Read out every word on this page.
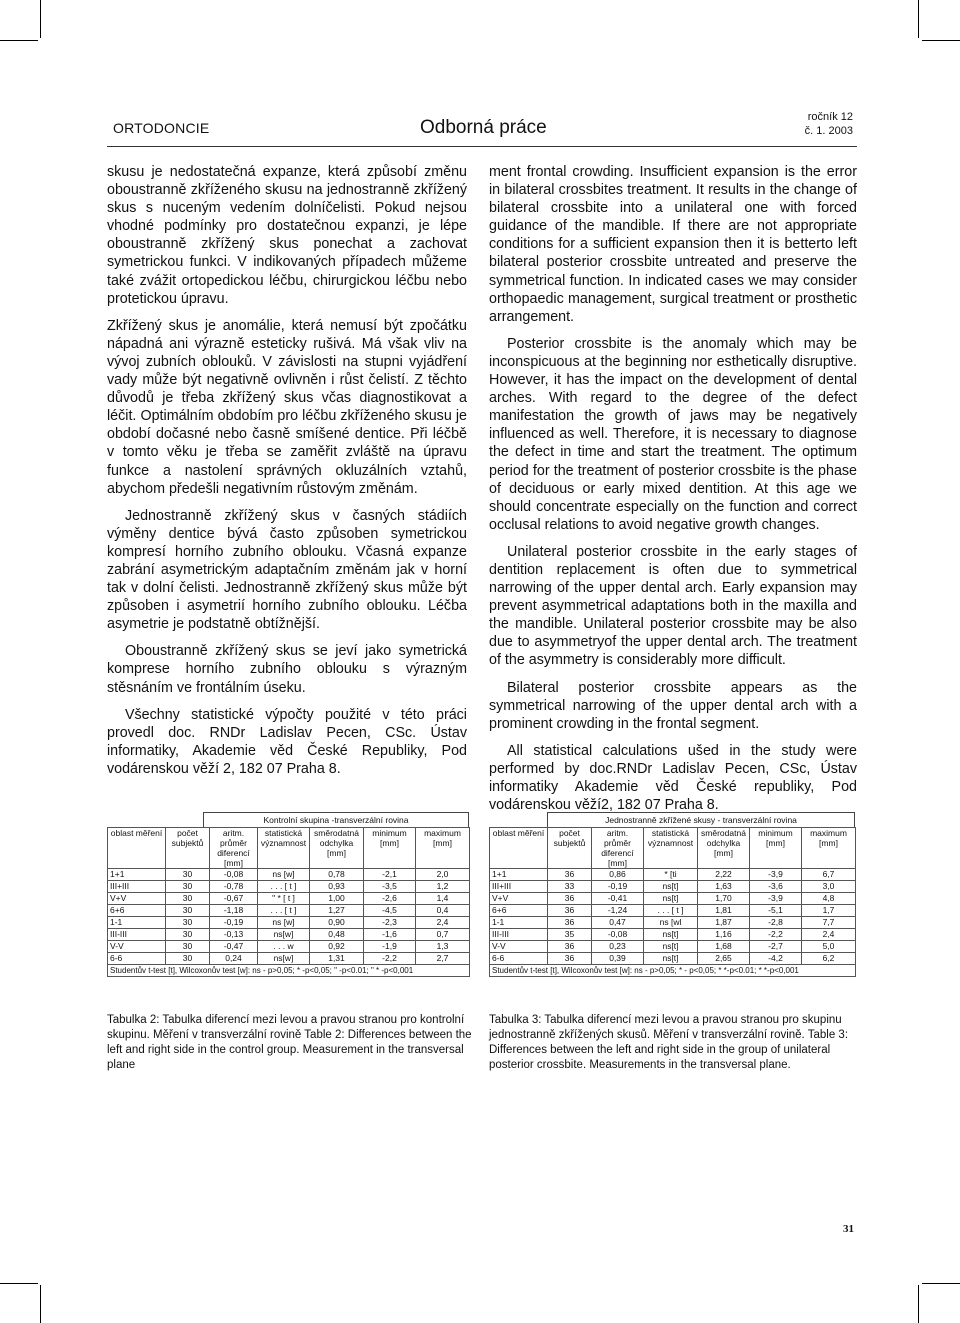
ORTODONCIE	Odborná práce	ročník 12
č. 1. 2003

skusu je nedostatečná expanze, která způsobí změnu oboustranně zkříženého skusu na jednostranně zkřížený skus s nuceným vedením dolníčelisti. Pokud nejsou vhodné podmínky pro dostatečnou expanzi, je lépe oboustranně zkřížený skus ponechat a zachovat symetrickou funkci. V indikovaných případech můžeme také zvážit ortopedickou léčbu, chirurgickou léčbu nebo protetickou úpravu.

Zkřížený skus je anomálie, která nemusí být zpočátku nápadná ani výrazně esteticky rušivá. Má však vliv na vývoj zubních oblouků. V závislosti na stupni vyjádření vady může být negativně ovlivněn i růst čelistí. Z těchto důvodů je třeba zkřížený skus včas diagnostikovat a léčit. Optimálním obdobím pro léčbu zkříženého skusu je období dočasné nebo časně smíšené dentice. Při léčbě v tomto věku je třeba se zaměřit zvláště na úpravu funkce a nastolení správných okluzálních vztahů, abychom předešli negativním růstovým změnám.

Jednostranně zkřížený skus v časných stádiích výměny dentice bývá často způsoben symetrickou kompresí horního zubního oblouku. Včasná expanze zabrání asymetrickým adaptačním změnám jak v horní tak v dolní čelisti. Jednostranně zkřížený skus může být způsoben i asymetrií horního zubního oblouku. Léčba asymetrie je podstatně obtížnější.

Oboustranně zkřížený skus se jeví jako symetrická komprese horního zubního oblouku s výrazným stěsnáním ve frontálním úseku.

Všechny statistické výpočty použité v této práci provedl doc. RNDr Ladislav Pecen, CSc. Ústav informatiky, Akademie věd České Republiky, Pod vodárenskou věží 2, 182 07 Praha 8.

ment frontal crowding. Insufficient expansion is the error in bilateral crossbites treatment. It results in the change of bilateral crossbite into a unilateral one with forced guidance of the mandible. If there are not appropriate conditions for a sufficient expansion then it is betterto left bilateral posterior crossbite untreated and preserve the symmetrical function. In indicated cases we may consider orthopaedic management, surgical treatment or prosthetic arrangement.

Posterior crossbite is the anomaly which may be inconspicuous at the beginning nor esthetically disruptive. However, it has the impact on the development of dental arches. With regard to the degree of the defect manifestation the growth of jaws may be negatively influenced as well. Therefore, it is necessary to diagnose the defect in time and start the treatment. The optimum period for the treatment of posterior crossbite is the phase of deciduous or early mixed dentition. At this age we should concentrate especially on the function and correct occlusal relations to avoid negative growth changes.

Unilateral posterior crossbite in the early stages of dentition replacement is often due to symmetrical narrowing of the upper dental arch. Early expansion may prevent asymmetrical adaptations both in the maxilla and the mandible. Unilateral posterior crossbite may be also due to asymmetryof the upper dental arch. The treatment of the asymmetry is considerably more difficult.

Bilateral posterior crossbite appears as the symmetrical narrowing of the upper dental arch with a prominent crowding in the frontal segment.

All statistical calculations ušed in the study were performed by doc.RNDr Ladislav Pecen, CSc, Ústav informatiky Akademie věd České republiky, Pod vodárenskou věží2, 182 07 Praha 8.

Kontrolní skupina -transverzální rovina
oblast měření	počet subjektů	aritm. průměr diferencí [mm]	statistická významnost	směrodatná odchylka [mm]	minimum [mm]	maximum [mm]
1+1	30	-0,08	ns [w]	0,78	-2,1	2,0
III+III	30	-0,78	. . . [ t ]	0,93	-3,5	1,2
V+V	30	-0,67	" * [ t ]	1,00	-2,6	1,4
6+6	30	-1,18	. . . [ t ]	1,27	-4,5	0,4
1-1	30	-0,19	ns [w]	0,90	-2,3	2,4
III-III	30	-0,13	ns[w]	0,48	-1,6	0,7
V-V	30	-0,47	. . . w	0,92	-1,9	1,3
6-6	30	0,24	ns[w]	1,31	-2,2	2,7
Studentův t-test [t], Wilcoxonův test [w]: ns - p>0,05; * -p<0,05; " -p<0.01; " * -p<0,001						
Jednostranně zkřížené skusy - transverzální rovina
oblast měření	počet subjektů	aritm. průměr diferencí [mm]	statistická významnost	směrodatná odchylka [mm]	minimum [mm]	maximum [mm]
1+1	36	0,86	* [ti	2,22	-3,9	6,7
III+III	33	-0,19	ns[t]	1,63	-3,6	3,0
V+V	36	-0,41	ns[t]	1,70	-3,9	4,8
6+6	36	-1,24	. . . [ t ]	1,81	-5,1	1,7
1-1	36	0,47	ns [wl	1,87	-2,8	7,7
III-III	35	-0,08	ns[t]	1,16	-2,2	2,4
V-V	36	0,23	ns[t]	1,68	-2,7	5,0
6-6	36	0,39	ns[t]	2,65	-4,2	6,2
Studentův t-test [t], Wilcoxonův test [w]: ns - p>0,05; * - p<0,05; * *-p<0.01; * *-p<0,001						
Tabulka 2: Tabulka diferencí mezi levou a pravou stranou pro kontrolní skupinu. Měření v transverzální rovině Table 2: Differences between the left and right side in the control group. Measurement in the transversal plane
Tabulka 3: Tabulka diferencí mezi levou a pravou stranou pro skupinu jednostranně zkřížených skusů. Měření v transverzální rovině. Table 3: Differences between the left and right side in the group of unilateral posterior crossbite. Measurements in the transversal plane.
31
